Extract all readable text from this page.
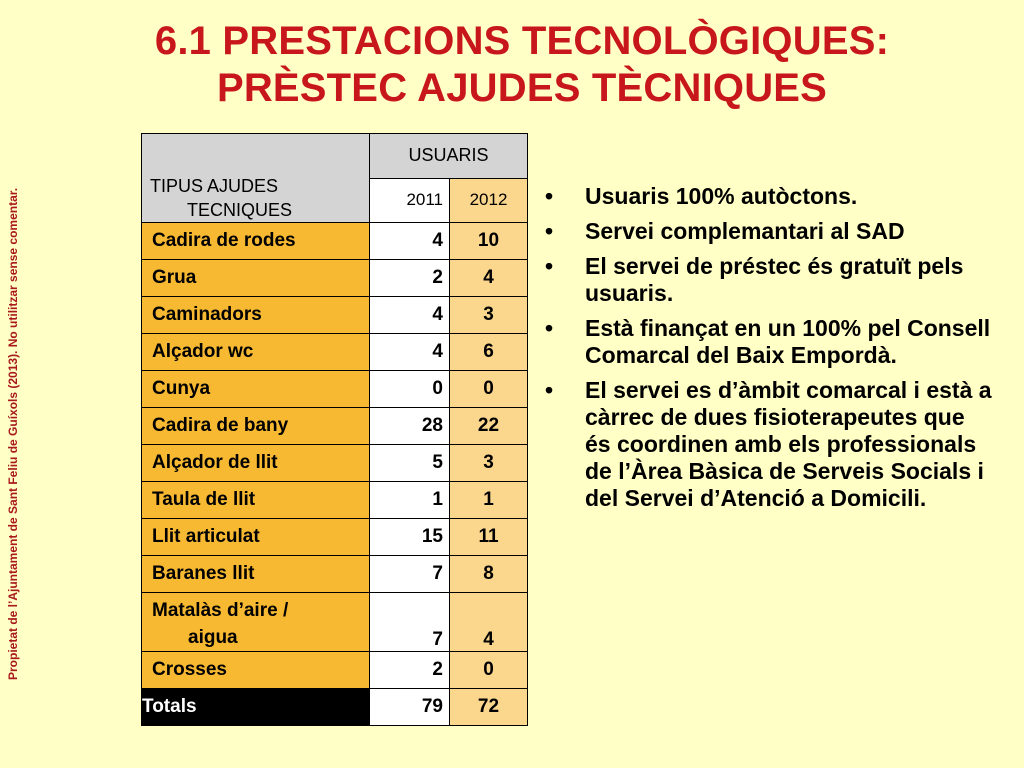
6.1 PRESTACIONS TECNOLÒGIQUES:
PRÈSTEC AJUDES TÈCNIQUES
Propietat de l’Ajuntament de Sant Feliu de Guíxols (2013). No utilitzar sense comentar.
TIPUS AJUDES
TECNIQUES	USUARIS	
	2011	2012
Cadira de rodes	4	10
Grua	2	4
Caminadors	4	3
Alçador wc	4	6
Cunya	0	0
Cadira de bany	28	22
Alçador de llit	5	3
Taula de llit	1	1
Llit articulat	15	11
Baranes llit	7	8

Matalàs d’aire /
aigua	7	4
Crosses	2	0
Totals	79	72
• Usuaris 100% autòctons.
• Servei complemantari al SAD
• El servei de préstec és gratuït pels usuaris.
• Està finançat en un 100% pel Consell Comarcal del Baix Empordà.
• El servei es d’àmbit comarcal i està a càrrec de dues fisioterapeutes que és coordinen amb els professionals de l’Àrea Bàsica de Serveis Socials i del Servei d’Atenció a Domicili.
